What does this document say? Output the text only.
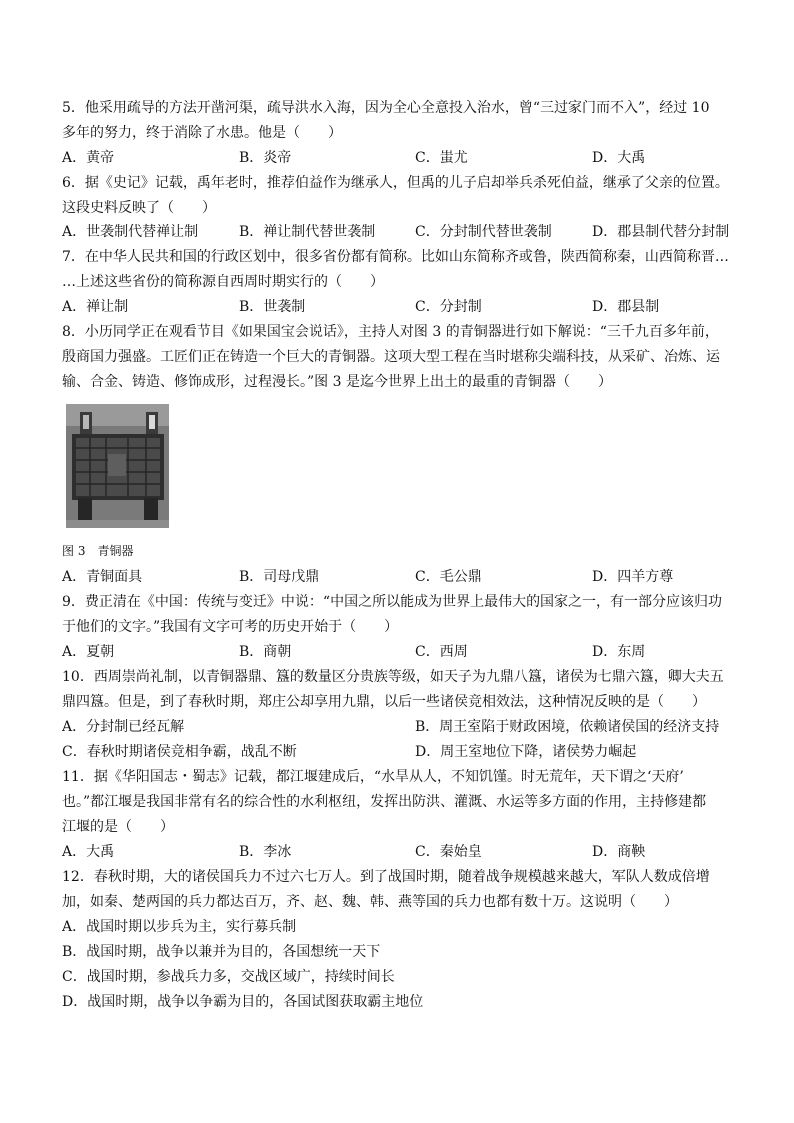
5．他采用疏导的方法开凿河渠，疏导洪水入海，因为全心全意投入治水，曾“三过家门而不入”，经过 10
多年的努力，终于消除了水患。他是（　　）
A．黄帝	B．炎帝	C．蚩尤	D．大禹
6．据《史记》记载，禹年老时，推荐伯益作为继承人，但禹的儿子启却举兵杀死伯益，继承了父亲的位置。
这段史料反映了（　　）
A．世袭制代替禅让制	B．禅让制代替世袭制	C．分封制代替世袭制	D．郡县制代替分封制
7．在中华人民共和国的行政区划中，很多省份都有简称。比如山东简称齐或鲁，陕西简称秦，山西简称晋…
…上述这些省份的简称源自西周时期实行的（　　）
A．禅让制	B．世袭制	C．分封制	D．郡县制
8．小历同学正在观看节目《如果国宝会说话》，主持人对图 3 的青铜器进行如下解说：“三千九百多年前，
殷商国力强盛。工匠们正在铸造一个巨大的青铜器。这项大型工程在当时堪称尖端科技，从采矿、冶炼、运
输、合金、铸造、修饰成形，过程漫长。”图 3 是迄今世界上出土的最重的青铜器（　　）
图 3 青铜器
A．青铜面具	B．司母戊鼎	C．毛公鼎	D．四羊方尊
9．费正清在《中国：传统与变迁》中说：“中国之所以能成为世界上最伟大的国家之一，有一部分应该归功
于他们的文字。”我国有文字可考的历史开始于（　　）
A．夏朝	B．商朝	C．西周	D．东周
10．西周崇尚礼制，以青铜器鼎、簋的数量区分贵族等级，如天子为九鼎八簋，诸侯为七鼎六簋，卿大夫五
鼎四簋。但是，到了春秋时期，郑庄公却享用九鼎，以后一些诸侯竞相效法，这种情况反映的是（　　）
A．分封制已经瓦解	B．周王室陷于财政困境，依赖诸侯国的经济支持
C．春秋时期诸侯竞相争霸，战乱不断	D．周王室地位下降，诸侯势力崛起
11．据《华阳国志・蜀志》记载，都江堰建成后，“水旱从人，不知饥馑。时无荒年，天下谓之‘天府’
也。”都江堰是我国非常有名的综合性的水利枢纽，发挥出防洪、灌溉、水运等多方面的作用，主持修建都
江堰的是（　　）
A．大禹	B．李冰	C．秦始皇	D．商鞅
12．春秋时期，大的诸侯国兵力不过六七万人。到了战国时期，随着战争规模越来越大，军队人数成倍增
加，如秦、楚两国的兵力都达百万，齐、赵、魏、韩、燕等国的兵力也都有数十万。这说明（　　）
A．战国时期以步兵为主，实行募兵制
B．战国时期，战争以兼并为目的，各国想统一天下
C．战国时期，参战兵力多，交战区域广，持续时间长
D．战国时期，战争以争霸为目的，各国试图获取霸主地位
